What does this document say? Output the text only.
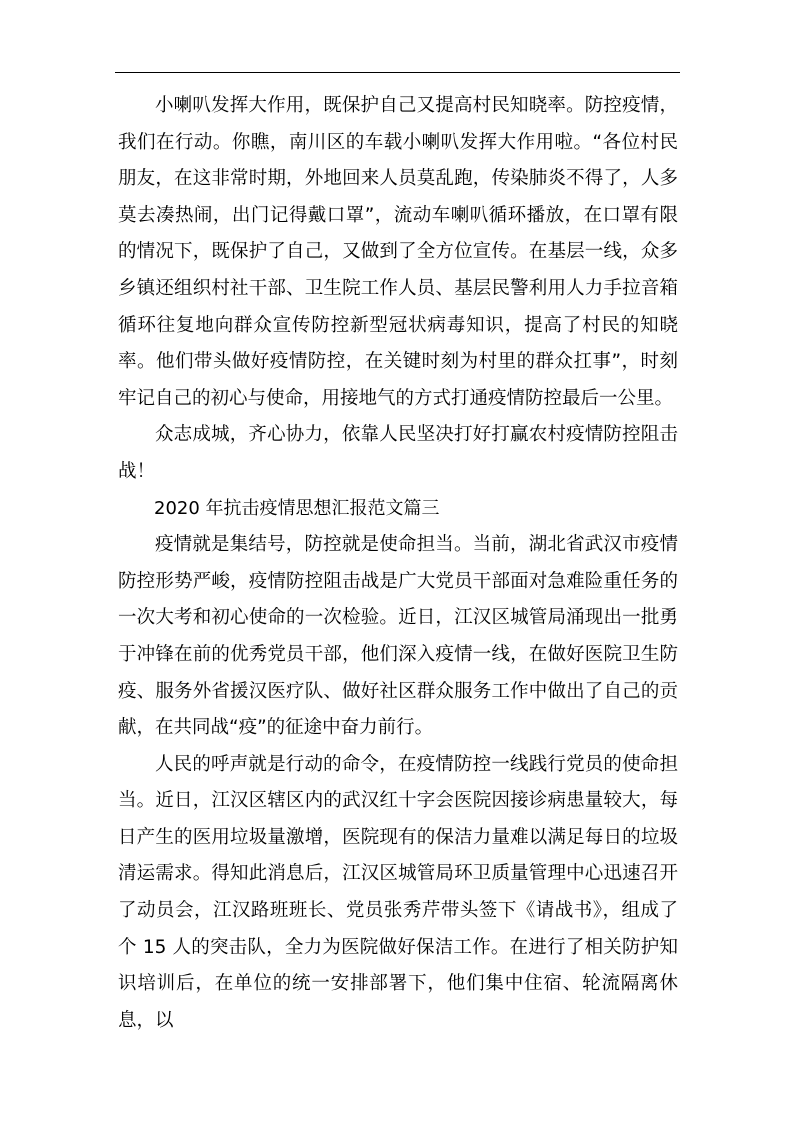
小喇叭发挥大作用，既保护自己又提高村民知晓率。防控疫情，我们在行动。你瞧，南川区的车载小喇叭发挥大作用啦。“各位村民朋友，在这非常时期，外地回来人员莫乱跑，传染肺炎不得了，人多莫去凑热闹，出门记得戴口罩”，流动车喇叭循环播放，在口罩有限的情况下，既保护了自己，又做到了全方位宣传。在基层一线，众多乡镇还组织村社干部、卫生院工作人员、基层民警利用人力手拉音箱循环往复地向群众宣传防控新型冠状病毒知识，提高了村民的知晓率。他们带头做好疫情防控，在关键时刻为村里的群众扛事”，时刻牢记自己的初心与使命，用接地气的方式打通疫情防控最后一公里。

众志成城，齐心协力，依靠人民坚决打好打赢农村疫情防控阻击战！

2020 年抗击疫情思想汇报范文篇三

疫情就是集结号，防控就是使命担当。当前，湖北省武汉市疫情防控形势严峻，疫情防控阻击战是广大党员干部面对急难险重任务的一次大考和初心使命的一次检验。近日，江汉区城管局涌现出一批勇于冲锋在前的优秀党员干部，他们深入疫情一线，在做好医院卫生防疫、服务外省援汉医疗队、做好社区群众服务工作中做出了自己的贡献，在共同战“疫”的征途中奋力前行。

人民的呼声就是行动的命令，在疫情防控一线践行党员的使命担当。近日，江汉区辖区内的武汉红十字会医院因接诊病患量较大，每日产生的医用垃圾量激增，医院现有的保洁力量难以满足每日的垃圾清运需求。得知此消息后，江汉区城管局环卫质量管理中心迅速召开了动员会，江汉路班班长、党员张秀芹带头签下《请战书》，组成了个 15 人的突击队，全力为医院做好保洁工作。在进行了相关防护知识培训后，在单位的统一安排部署下，他们集中住宿、轮流隔离休息，以
